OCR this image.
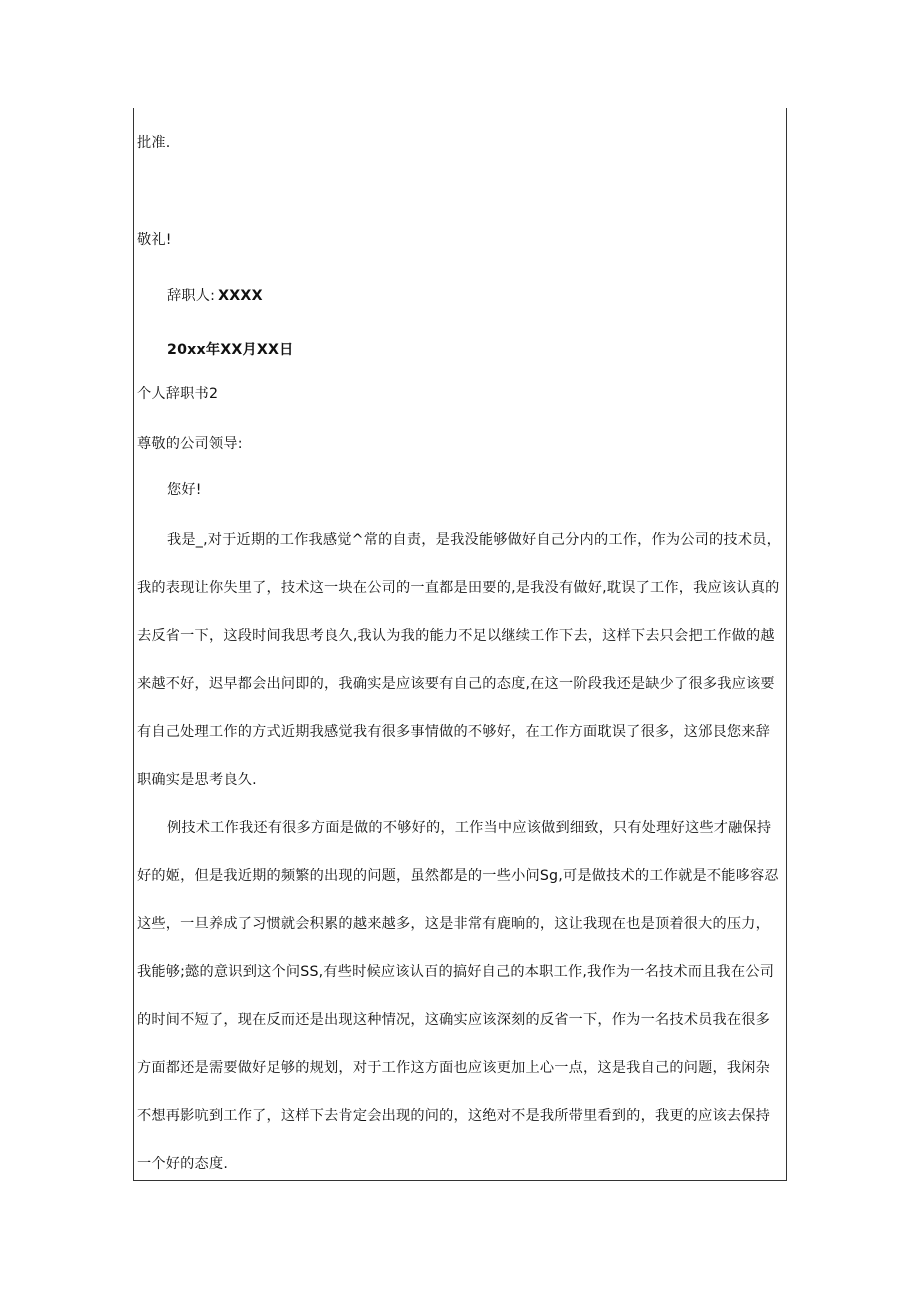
批准.
敬礼!
辞职人: XXXX
20xx年XX月XX日
个人辞职书2
尊敬的公司领导:
您好!
我是_,对于近期的工作我感觉^常的自责，是我没能够做好自己分内的工作，作为公司的技术员，
我的表现让你失里了，技术这一块在公司的一直都是田要的,是我没有做好,耽误了工作，我应该认真的
去反省一下，这段时间我思考良久,我认为我的能力不足以继续工作下去，这样下去只会把工作做的越
来越不好，迟早都会出问即的，我确实是应该要有自己的态度,在这一阶段我还是缺少了很多我应该要
有自己处理工作的方式近期我感觉我有很多事情做的不够好，在工作方面耽误了很多，这邠艮您来辞
职确实是思考良久.
例技术工作我还有很多方面是做的不够好的，工作当中应该做到细致，只有处理好这些才融保持
好的姬，但是我近期的频繁的出现的问题，虽然都是的一些小问Sg,可是做技术的工作就是不能哆容忍
这些，一旦养成了习惯就会积累的越来越多，这是非常有鹿晌的，这让我现在也是顶着很大的压力，
我能够;懿的意识到这个问SS,有些时候应该认百的搞好自己的本职工作,我作为一名技术而且我在公司
的时间不短了，现在反而还是出现这种情况，这确实应该深刻的反省一下，作为一名技术员我在很多
方面都还是需要做好足够的规划，对于工作这方面也应该更加上心一点，这是我自己的问题，我闲杂
不想再影吭到工作了，这样下去肯定会出现的问的，这绝对不是我所带里看到的，我更的应该去保持
一个好的态度.
